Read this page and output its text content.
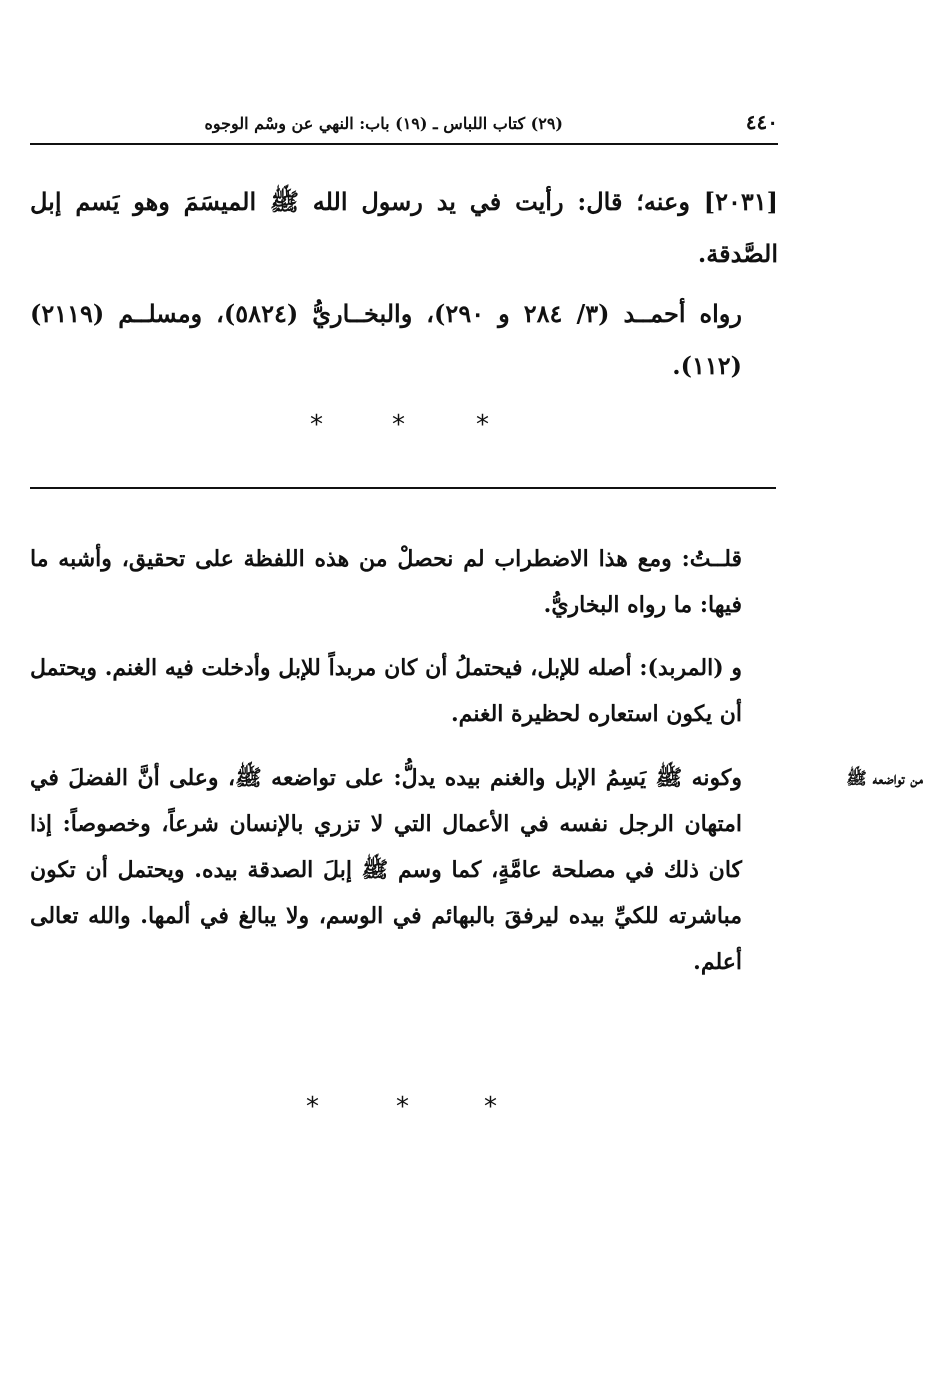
٤٤٠
(٢٩) كتاب اللباس ـ (١٩) باب: النهي عن وسْم الوجوه
[٢٠٣١] وعنه؛ قال: رأيت في يد رسول الله ﷺ الميسَمَ وهو يَسم إبل الصَّدقة.
رواه أحمــد (٣/ ٢٨٤ و ٢٩٠)، والبخــاريُّ (٥٨٢٤)، ومسلــم (٢١١٩) (١١٢).
*	*	*
قلــتُ: ومع هذا الاضطراب لم نحصلْ من هذه اللفظة على تحقيق، وأشبه ما فيها: ما رواه البخاريُّ.
و (المربد): أصله للإبل، فيحتملُ أن كان مربداً للإبل وأدخلت فيه الغنم. ويحتمل أن يكون استعاره لحظيرة الغنم.
وكونه ﷺ يَسِمُ الإبل والغنم بيده يدلُّ: على تواضعه ﷺ، وعلى أنَّ الفضلَ في امتهان الرجل نفسه في الأعمال التي لا تزري بالإنسان شرعاً، وخصوصاً: إذا كان ذلك في مصلحة عامَّةٍ، كما وسم ﷺ إبلَ الصدقة بيده. ويحتمل أن تكون مباشرته للكيِّ بيده ليرفقَ بالبهائم في الوسم، ولا يبالغ في ألمها. والله تعالى أعلم.
من تواضعه ﷺ
*	*	*
